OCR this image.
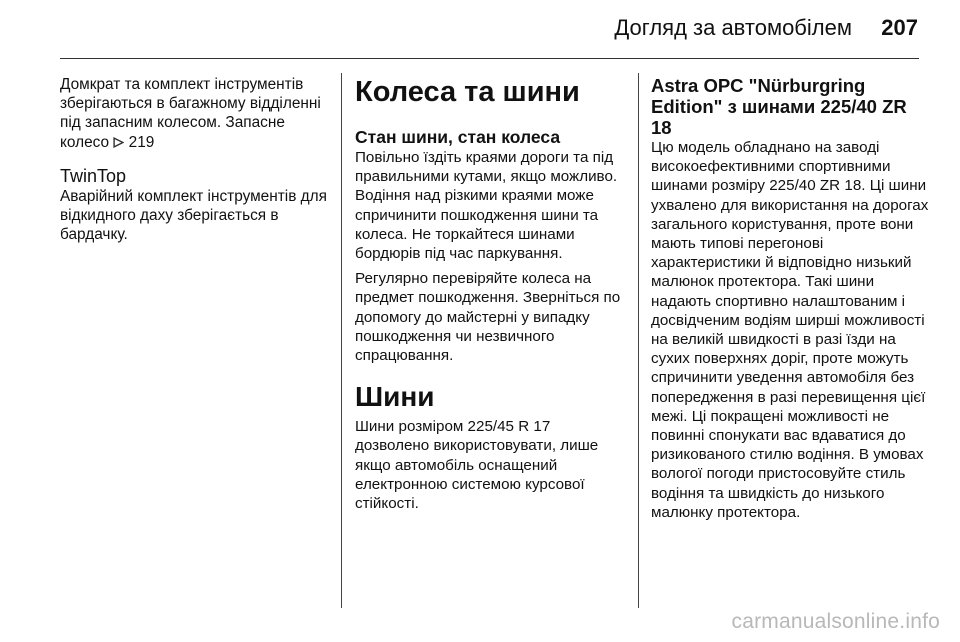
Догляд за автомобілем 207

Домкрат та комплект інструментів зберігаються в багажному відділенні під запасним колесом. Запасне колесо 219

TwinTop

Аварійний комплект інструментів для відкидного даху зберігається в бардачку.

Колеса та шини
Стан шини, стан колеса

Повільно їздіть краями дороги та під правильними кутами, якщо можливо. Водіння над різкими краями може спричинити пошкодження шини та колеса. Не торкайтеся шинами бордюрів під час паркування.

Регулярно перевіряйте колеса на предмет пошкодження. Зверніться по допомогу до майстерні у випадку пошкодження чи незвичного спрацювання.

Шини

Шини розміром 225/45 R 17 дозволено використовувати, лише якщо автомобіль оснащений електронною системою курсової стійкості.

Astra OPC "Nürburgring Edition" з шинами 225/40 ZR 18

Цю модель обладнано на заводі високоефективними спортивними шинами розміру 225/40 ZR 18. Ці шини ухвалено для використання на дорогах загального користування, проте вони мають типові перегонові характеристики й відповідно низький малюнок протектора. Такі шини надають спортивно налаштованим і досвідченим водіям ширші можливості на великій швидкості в разі їзди на сухих поверхнях доріг, проте можуть спричинити уведення автомобіля без попередження в разі перевищення цієї межі. Ці покращені можливості не повинні спонукати вас вдаватися до ризикованого стилю водіння. В умовах вологої погоди пристосовуйте стиль водіння та швидкість до низького малюнку протектора.

carmanualsonline.info
